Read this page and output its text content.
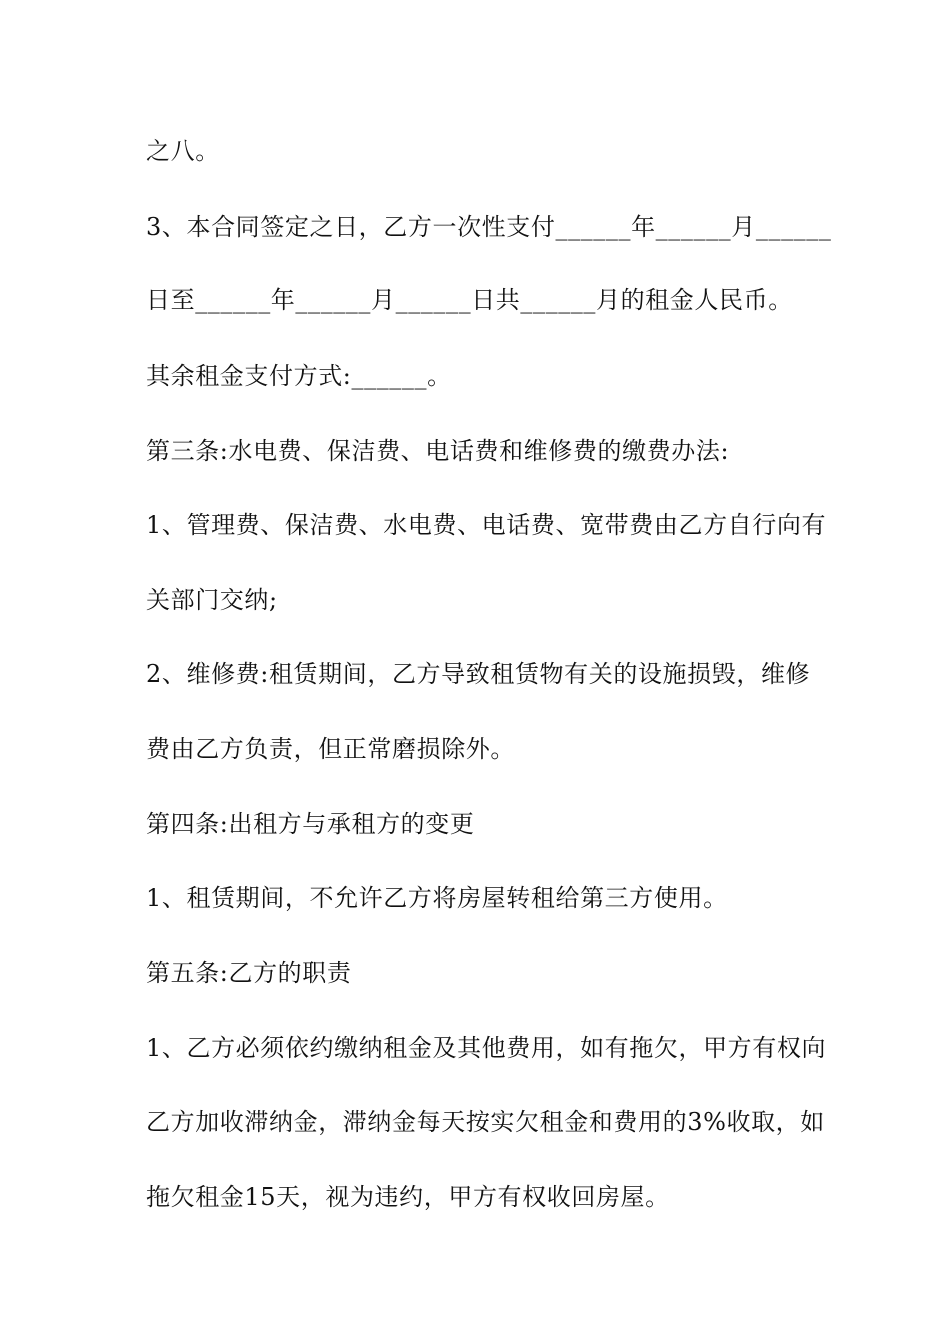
之八。
3、本合同签定之日，乙方一次性支付______年______月______
日至______年______月______日共______月的租金人民币。
其余租金支付方式:______。
第三条:水电费、保洁费、电话费和维修费的缴费办法:
1、管理费、保洁费、水电费、电话费、宽带费由乙方自行向有
关部门交纳;
2、维修费:租赁期间，乙方导致租赁物有关的设施损毁，维修
费由乙方负责，但正常磨损除外。
第四条:出租方与承租方的变更
1、租赁期间，不允许乙方将房屋转租给第三方使用。
第五条:乙方的职责
1、乙方必须依约缴纳租金及其他费用，如有拖欠，甲方有权向
乙方加收滞纳金，滞纳金每天按实欠租金和费用的3%收取，如
拖欠租金15天，视为违约，甲方有权收回房屋。
